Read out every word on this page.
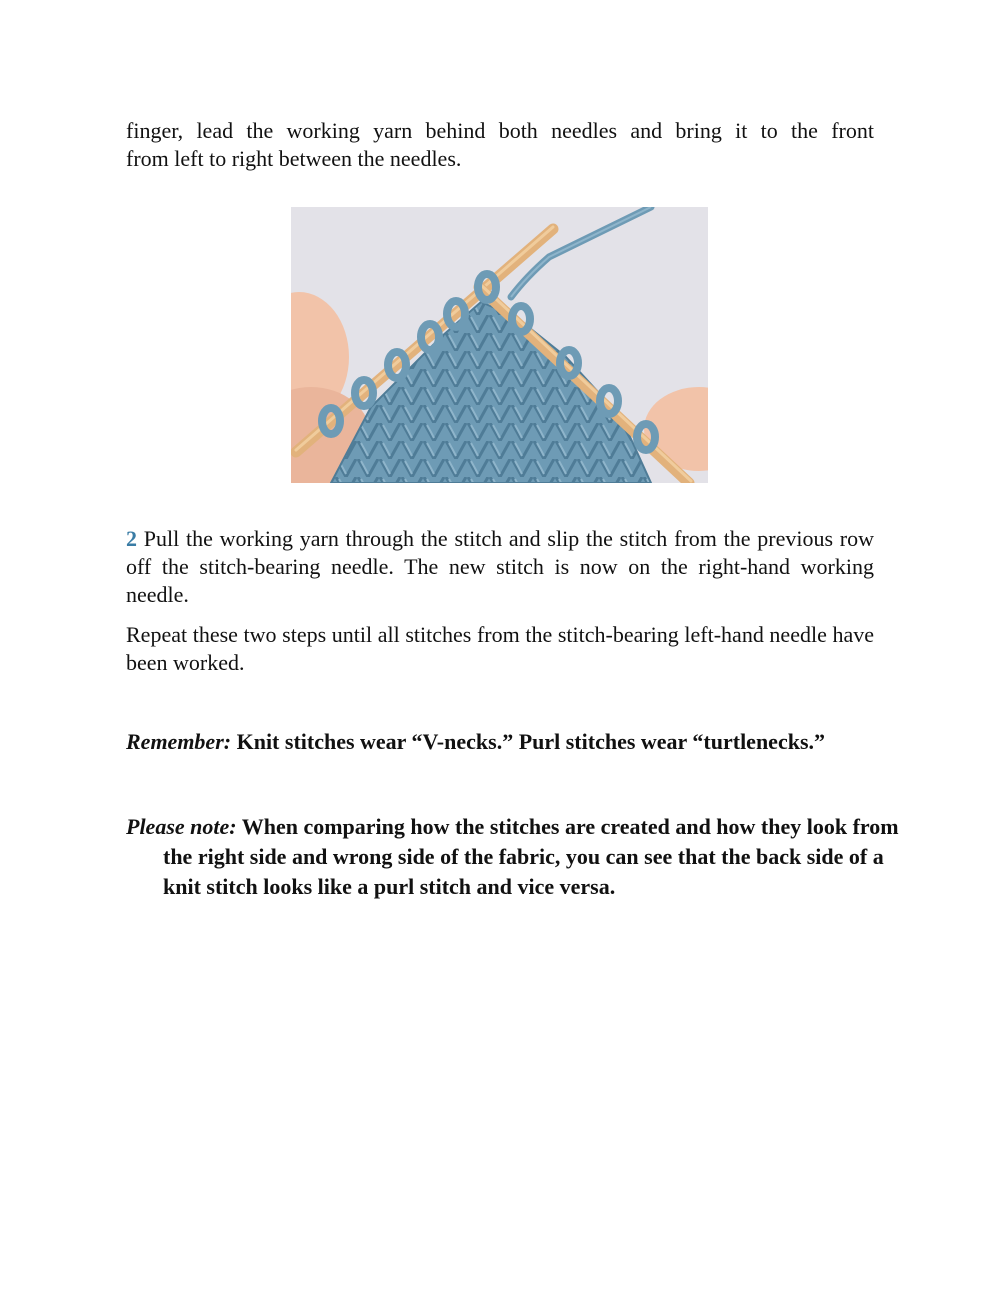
finger, lead the working yarn behind both needles and bring it to the front

from left to right between the needles.

2 Pull the working yarn through the stitch and slip the stitch from the previous row off the stitch-bearing needle. The new stitch is now on the right-hand working needle.

Repeat these two steps until all stitches from the stitch-bearing left-hand needle have been worked.

Remember: Knit stitches wear “V-necks.” Purl stitches wear “turtlenecks.”

Please note: When comparing how the stitches are created and how they look from the right side and wrong side of the fabric, you can see that the back side of a knit stitch looks like a purl stitch and vice versa.
